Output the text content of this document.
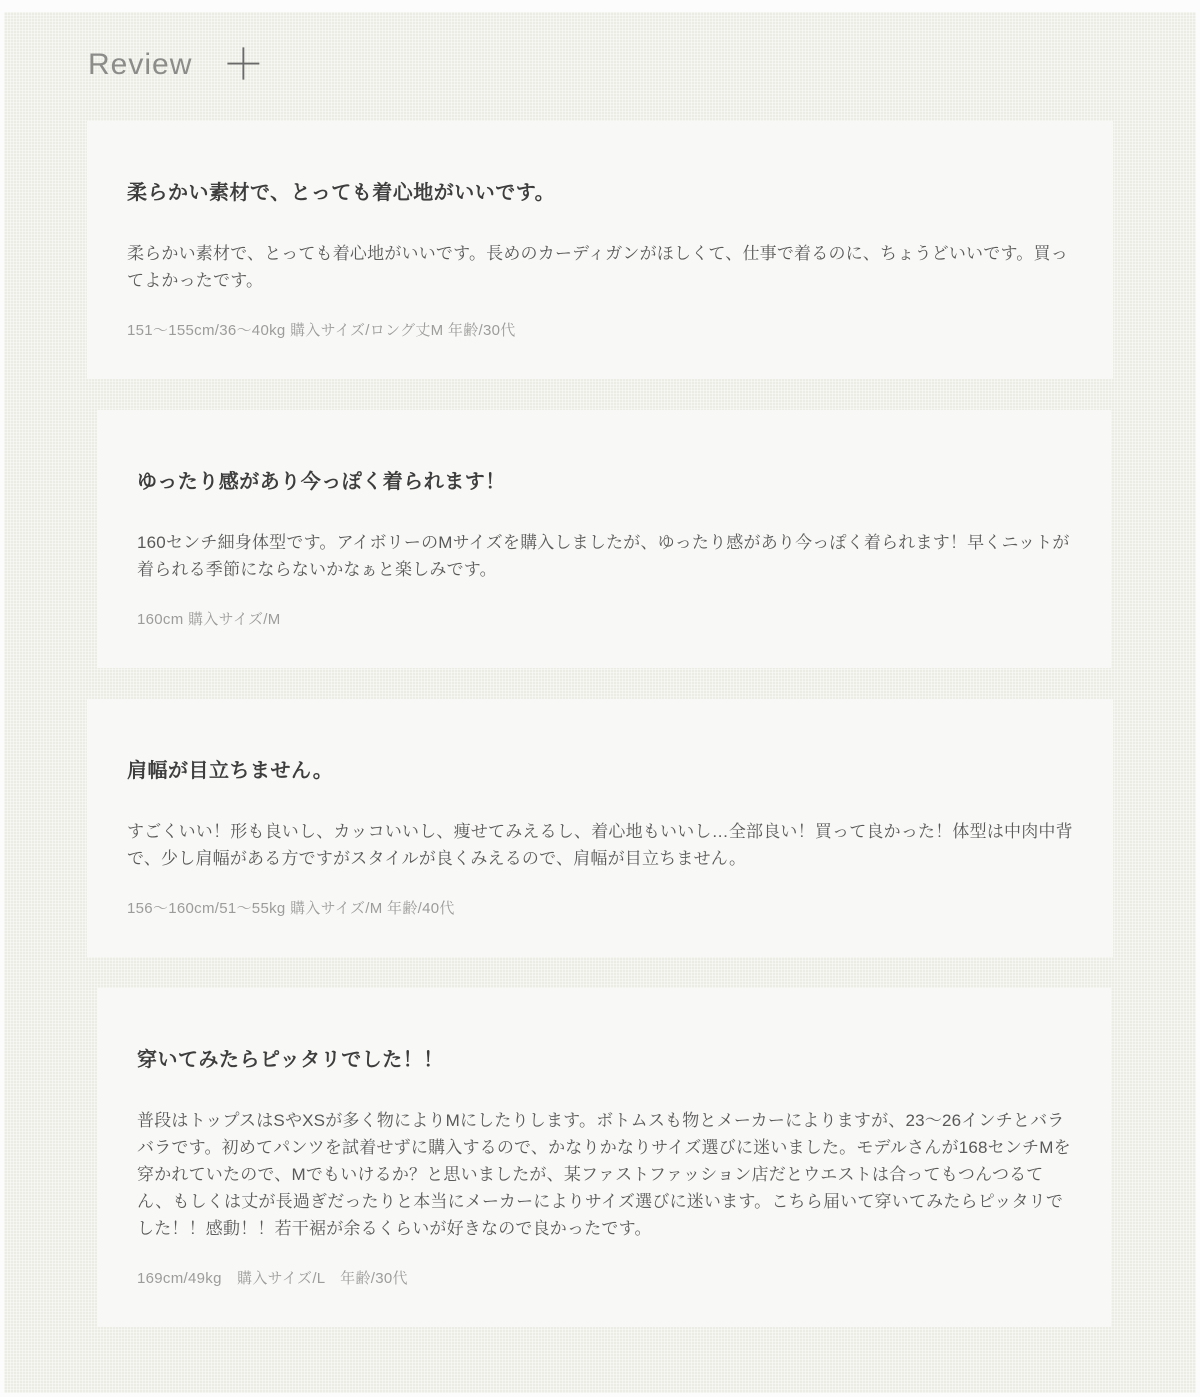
Review ＋
柔らかい素材で、とっても着心地がいいです。

柔らかい素材で、とっても着心地がいいです。長めのカーディガンがほしくて、仕事で着るのに、ちょうどいいです。買ってよかったです。

151～155cm/36～40kg 購入サイズ/ロング丈M 年齢/30代
ゆったり感があり今っぽく着られます！

160センチ細身体型です。アイボリーのMサイズを購入しましたが、ゆったり感があり今っぽく着られます！早くニットが着られる季節にならないかなぁと楽しみです。

160cm 購入サイズ/M
肩幅が目立ちません。

すごくいい！形も良いし、カッコいいし、痩せてみえるし、着心地もいいし…全部良い！買って良かった！体型は中肉中背で、少し肩幅がある方ですがスタイルが良くみえるので、肩幅が目立ちません。

156～160cm/51～55kg 購入サイズ/M 年齢/40代
穿いてみたらピッタリでした！！

普段はトップスはSやXSが多く物によりMにしたりします。ボトムスも物とメーカーによりますが、23～26インチとバラバラです。初めてパンツを試着せずに購入するので、かなりかなりサイズ選びに迷いました。モデルさんが168センチMを穿かれていたので、Mでもいけるか？と思いましたが、某ファストファッション店だとウエストは合ってもつんつるてん、もしくは丈が長過ぎだったりと本当にメーカーによりサイズ選びに迷います。こちら届いて穿いてみたらピッタリでした！！感動！！若干裾が余るくらいが好きなので良かったです。

169cm/49kg　購入サイズ/L　年齢/30代
